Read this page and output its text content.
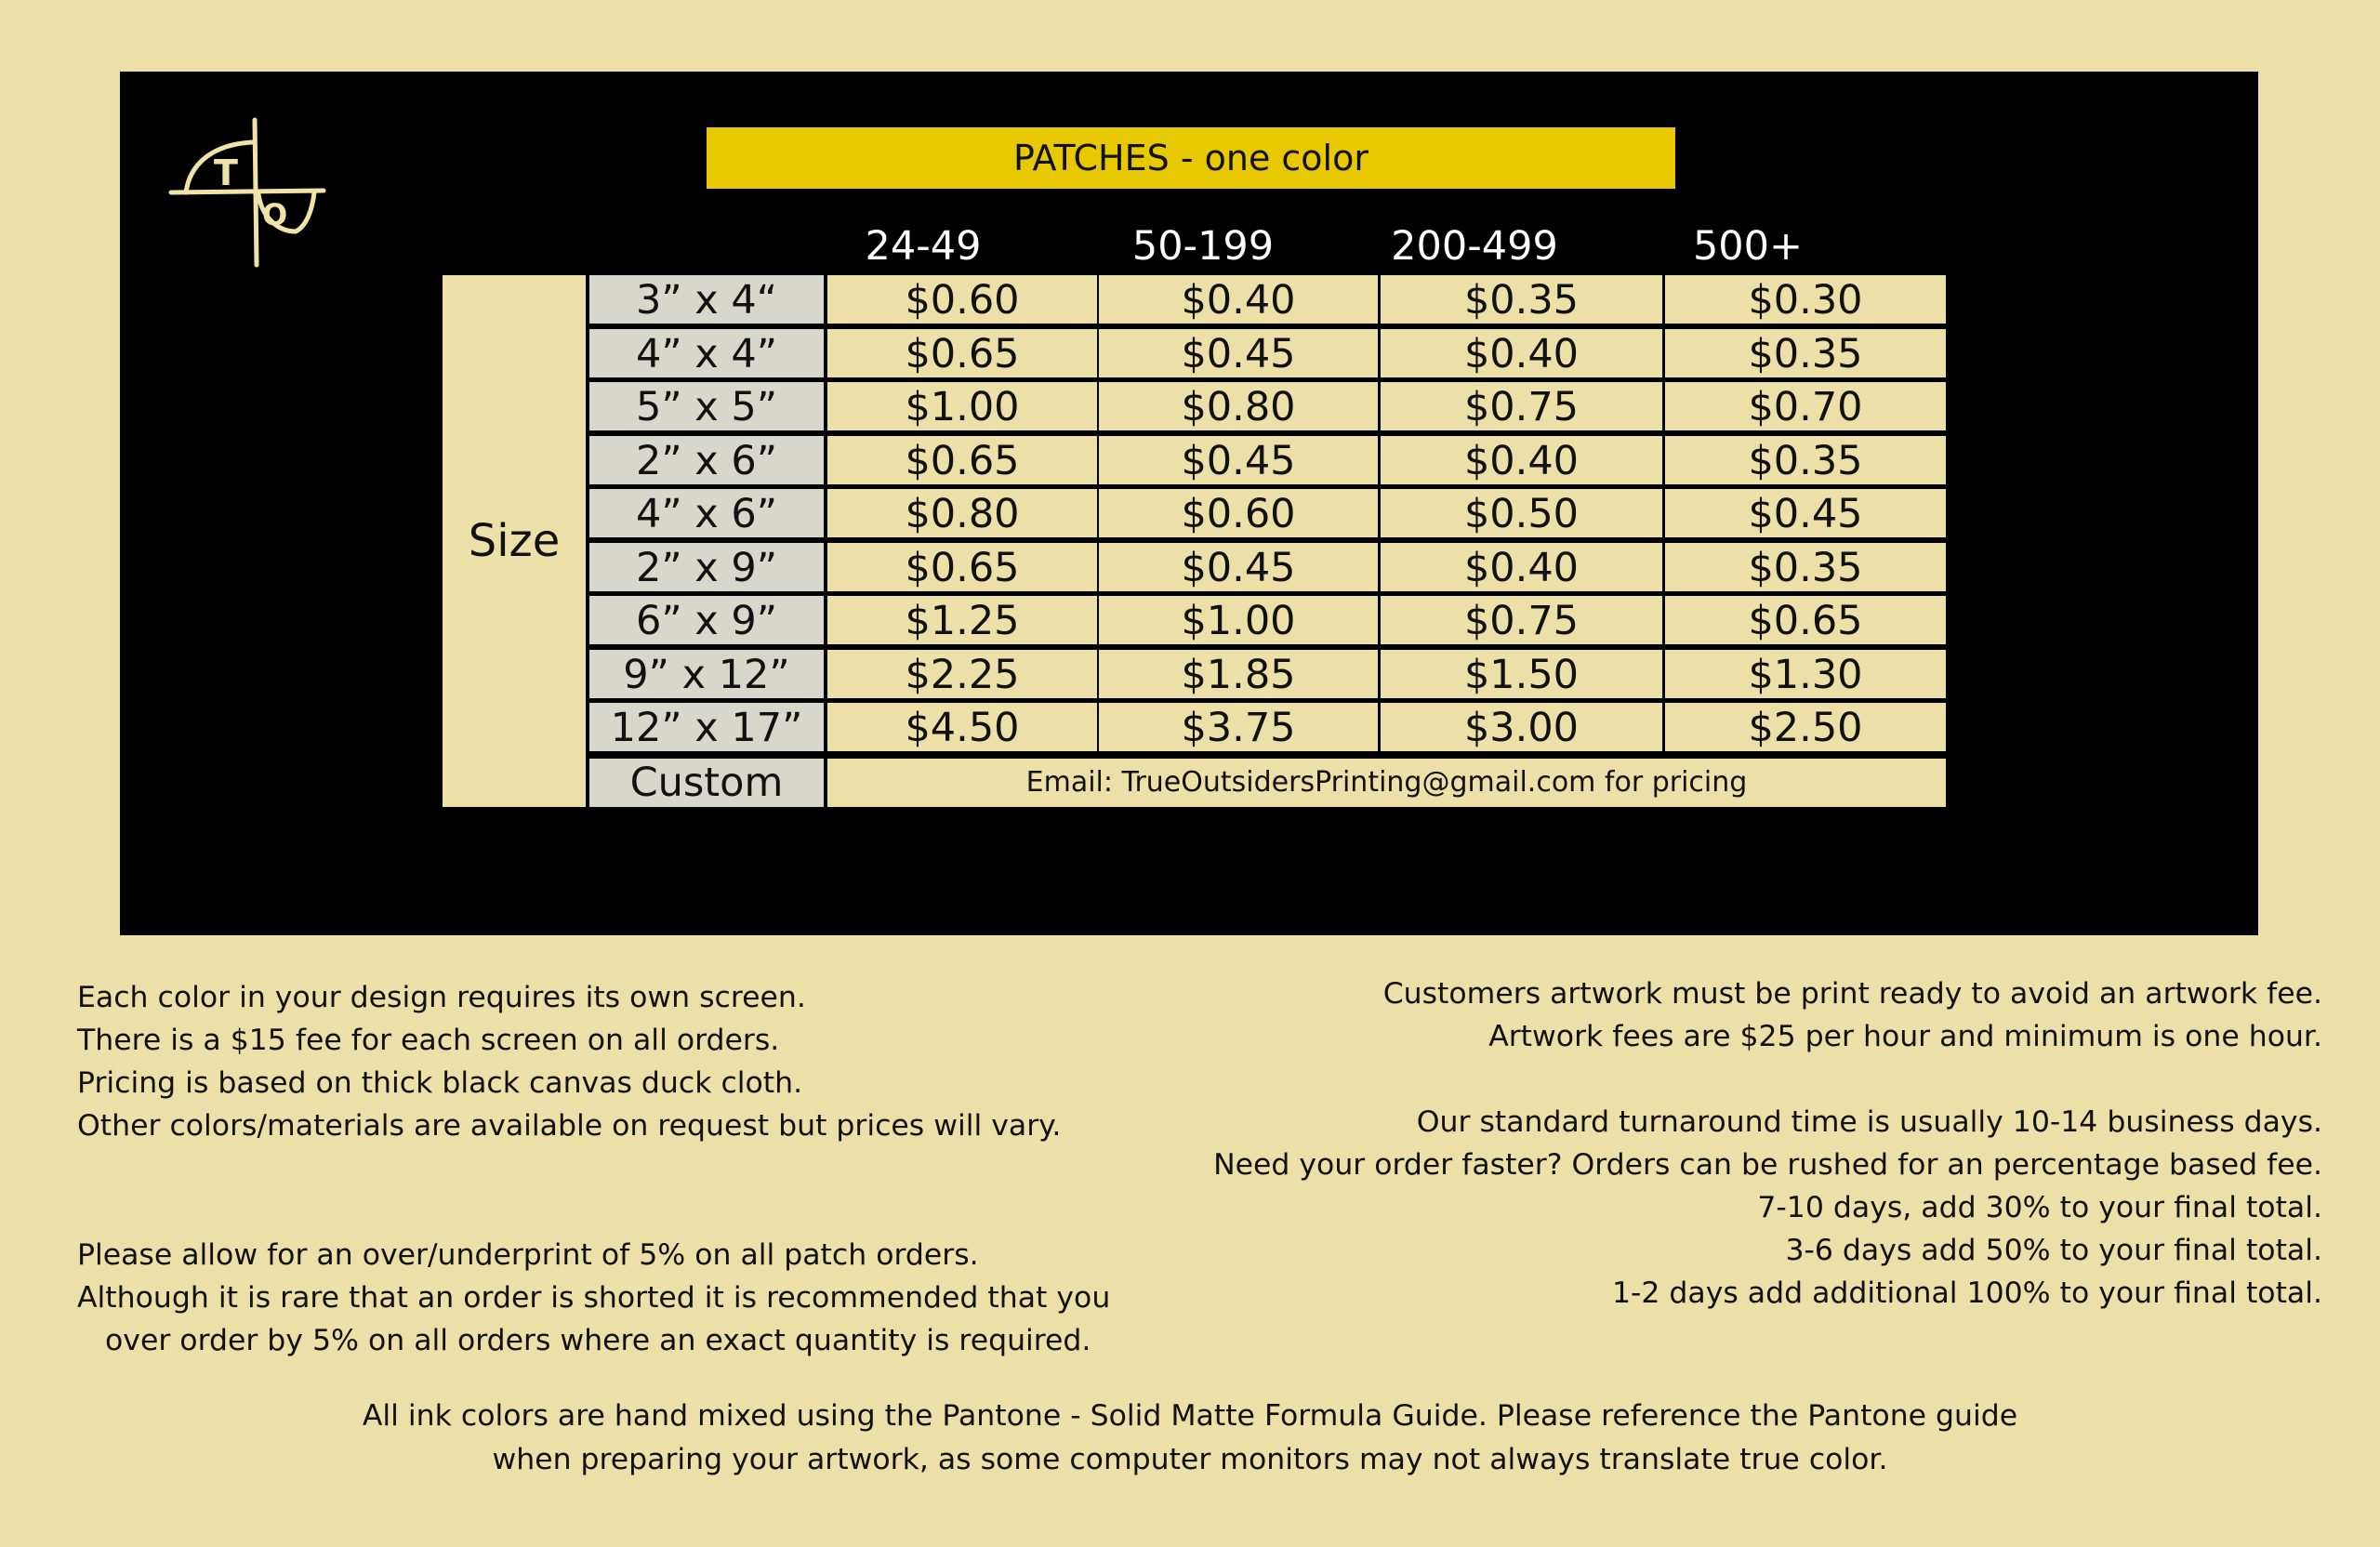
T
O
PATCHES - one color
24-49	50-199	200-499	500+
Size
3” x 4“	$0.60	$0.40	$0.35	$0.30
4” x 4”	$0.65	$0.45	$0.40	$0.35
5” x 5”	$1.00	$0.80	$0.75	$0.70
2” x 6”	$0.65	$0.45	$0.40	$0.35
4” x 6”	$0.80	$0.60	$0.50	$0.45
2” x 9”	$0.65	$0.45	$0.40	$0.35
6” x 9”	$1.25	$1.00	$0.75	$0.65
9” x 12”	$2.25	$1.85	$1.50	$1.30
12” x 17”	$4.50	$3.75	$3.00	$2.50
Custom	Email: TrueOutsidersPrinting@gmail.com for pricing
Each color in your design requires its own screen.
There is a $15 fee for each screen on all orders.
Pricing is based on thick black canvas duck cloth.
Other colors/materials are available on request but prices will vary.
Please allow for an over/underprint of 5% on all patch orders.
Although it is rare that an order is shorted it is recommended that you
over order by 5% on all orders where an exact quantity is required.
Customers artwork must be print ready to avoid an artwork fee.
Artwork fees are $25 per hour and minimum is one hour.
Our standard turnaround time is usually 10-14 business days.
Need your order faster? Orders can be rushed for an percentage based fee.
7-10 days, add 30% to your final total.
3-6 days add 50% to your final total.
1-2 days add additional 100% to your final total.
All ink colors are hand mixed using the Pantone - Solid Matte Formula Guide. Please reference the Pantone guide
when preparing your artwork, as some computer monitors may not always translate true color.
